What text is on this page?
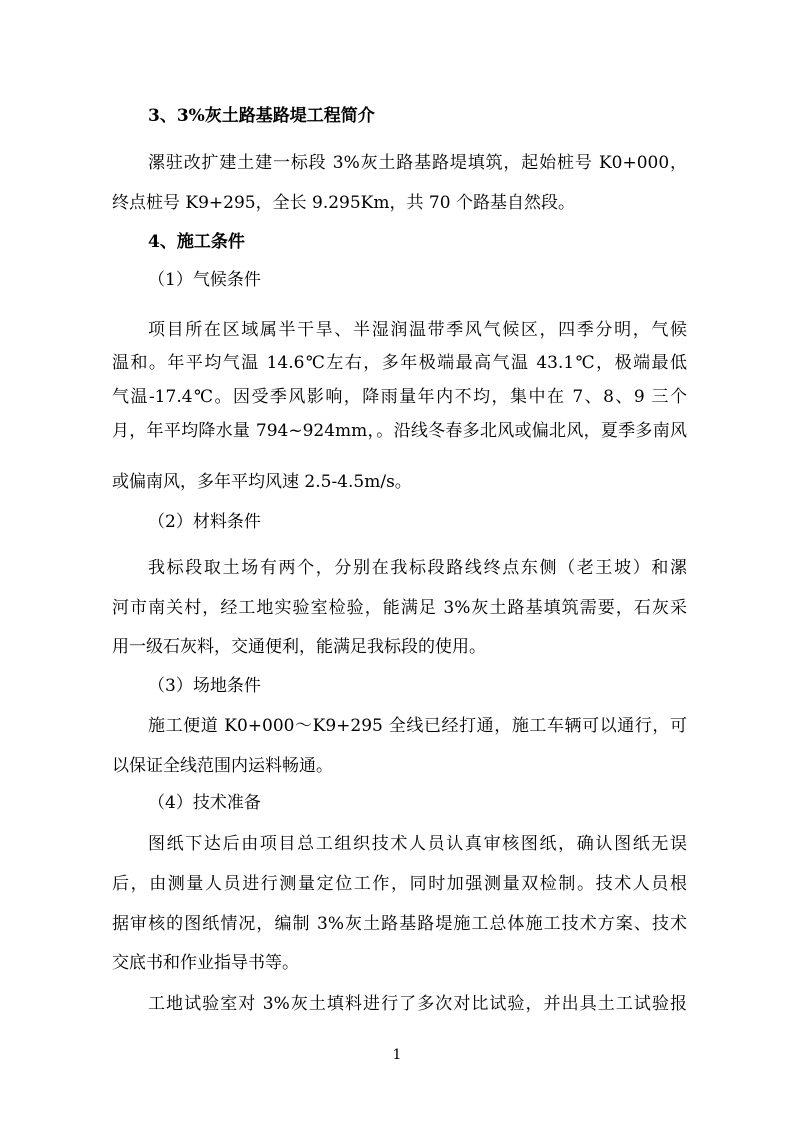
3、3%灰土路基路堤工程简介
漯驻改扩建土建一标段 3%灰土路基路堤填筑，起始桩号 K0+000，
终点桩号 K9+295，全长 9.295Km，共 70 个路基自然段。
4、施工条件
（1）气候条件
项目所在区域属半干旱、半湿润温带季风气候区，四季分明，气候
温和。年平均气温 14.6℃左右，多年极端最高气温 43.1℃，极端最低
气温-17.4℃。因受季风影响，降雨量年内不均，集中在 7、8、9 三个
月，年平均降水量 794~924mm，。沿线冬春多北风或偏北风，夏季多南风
或偏南风，多年平均风速 2.5-4.5m/s。
（2）材料条件
我标段取土场有两个，分别在我标段路线终点东侧（老王坡）和漯
河市南关村，经工地实验室检验，能满足 3%灰土路基填筑需要，石灰采
用一级石灰料，交通便利，能满足我标段的使用。
（3）场地条件
施工便道 K0+000～K9+295 全线已经打通，施工车辆可以通行，可
以保证全线范围内运料畅通。
（4）技术准备
图纸下达后由项目总工组织技术人员认真审核图纸，确认图纸无误
后，由测量人员进行测量定位工作，同时加强测量双检制。技术人员根
据审核的图纸情况，编制 3%灰土路基路堤施工总体施工技术方案、技术
交底书和作业指导书等。
工地试验室对 3%灰土填料进行了多次对比试验，并出具土工试验报
1
